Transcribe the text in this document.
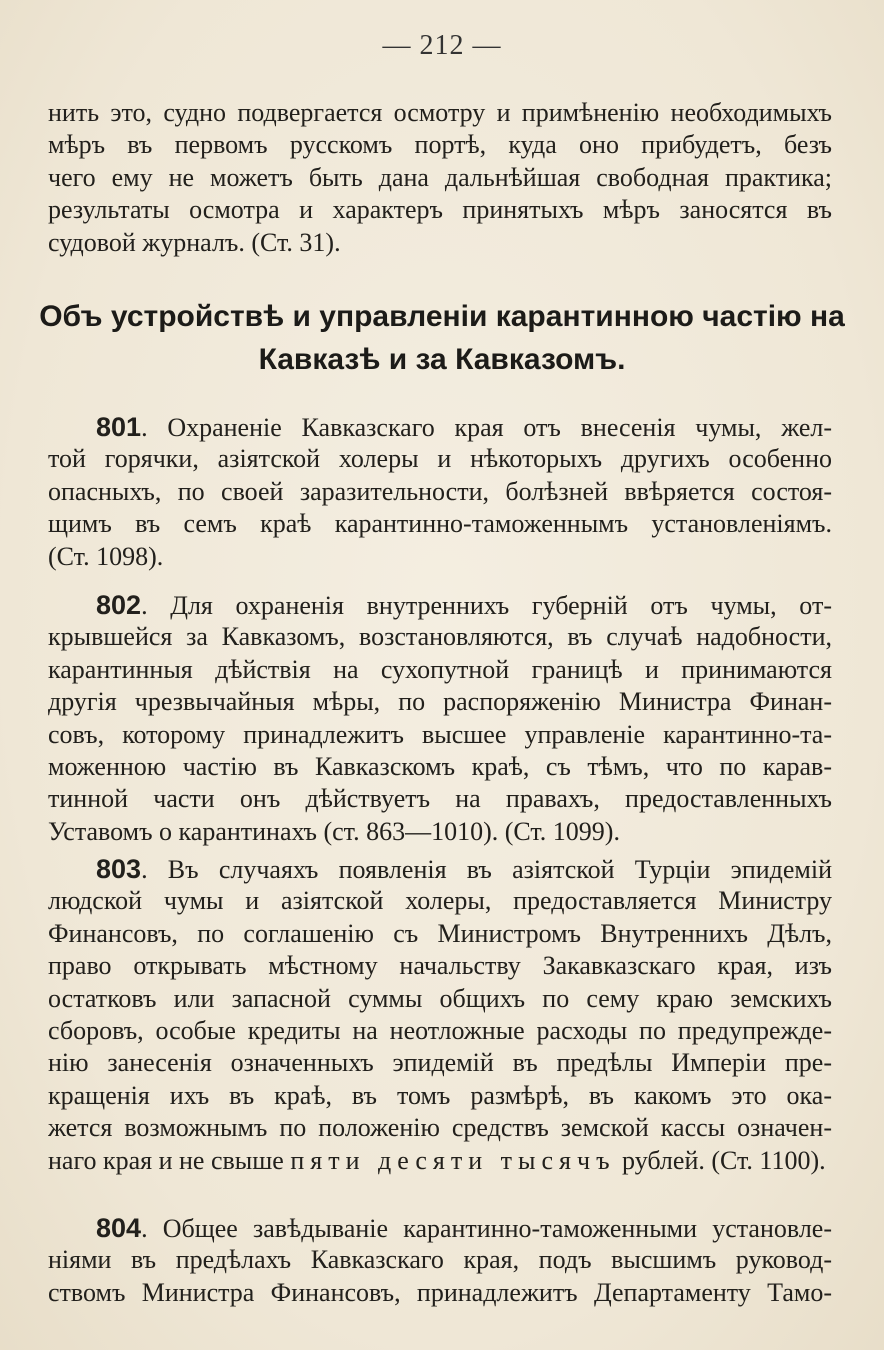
— 212 —
нить это, судно подвергается осмотру и примѣненію необходимыхъ
мѣръ въ первомъ русскомъ портѣ, куда оно прибудетъ, безъ
чего ему не можетъ быть дана дальнѣйшая свободная практика;
результаты осмотра и характеръ принятыхъ мѣръ заносятся въ
судовой журналъ. (Ст. 31).
Объ устройствѣ и управленіи карантинною частію на
Кавказѣ и за Кавказомъ.
801. Охраненіе Кавказскаго края отъ внесенія чумы, жел-
той горячки, азіятской холеры и нѣкоторыхъ другихъ особенно
опасныхъ, по своей заразительности, болѣзней ввѣряется состоя-
щимъ въ семъ краѣ карантинно-таможеннымъ установленіямъ.
(Ст. 1098).
802. Для охраненія внутреннихъ губерній отъ чумы, от-
крывшейся за Кавказомъ, возстановляются, въ случаѣ надобности,
карантинныя дѣйствія на сухопутной границѣ и принимаются
другія чрезвычайныя мѣры, по распоряженію Министра Финан-
совъ, которому принадлежитъ высшее управленіе карантинно-та-
моженною частію въ Кавказскомъ краѣ, съ тѣмъ, что по карав-
тинной части онъ дѣйствуетъ на правахъ, предоставленныхъ
Уставомъ о карантинахъ (ст. 863—1010). (Ст. 1099).
803. Въ случаяхъ появленія въ азіятской Турціи эпидемій
людской чумы и азіятской холеры, предоставляется Министру
Финансовъ, по соглашенію съ Министромъ Внутреннихъ Дѣлъ,
право открывать мѣстному начальству Закавказскаго края, изъ
остатковъ или запасной суммы общихъ по сему краю земскихъ
сборовъ, особые кредиты на неотложные расходы по предупрежде-
нію занесенія означенныхъ эпидемій въ предѣлы Имперіи пре-
кращенія ихъ въ краѣ, въ томъ размѣрѣ, въ какомъ это ока-
жется возможнымъ по положенію средствъ земской кассы означен-
наго края и не свыше пяти десяти тысячъ рублей. (Ст. 1100).
804. Общее завѣдываніе карантинно-таможенными установле-
ніями въ предѣлахъ Кавказскаго края, подъ высшимъ руковод-
ствомъ Министра Финансовъ, принадлежитъ Департаменту Тамо-
